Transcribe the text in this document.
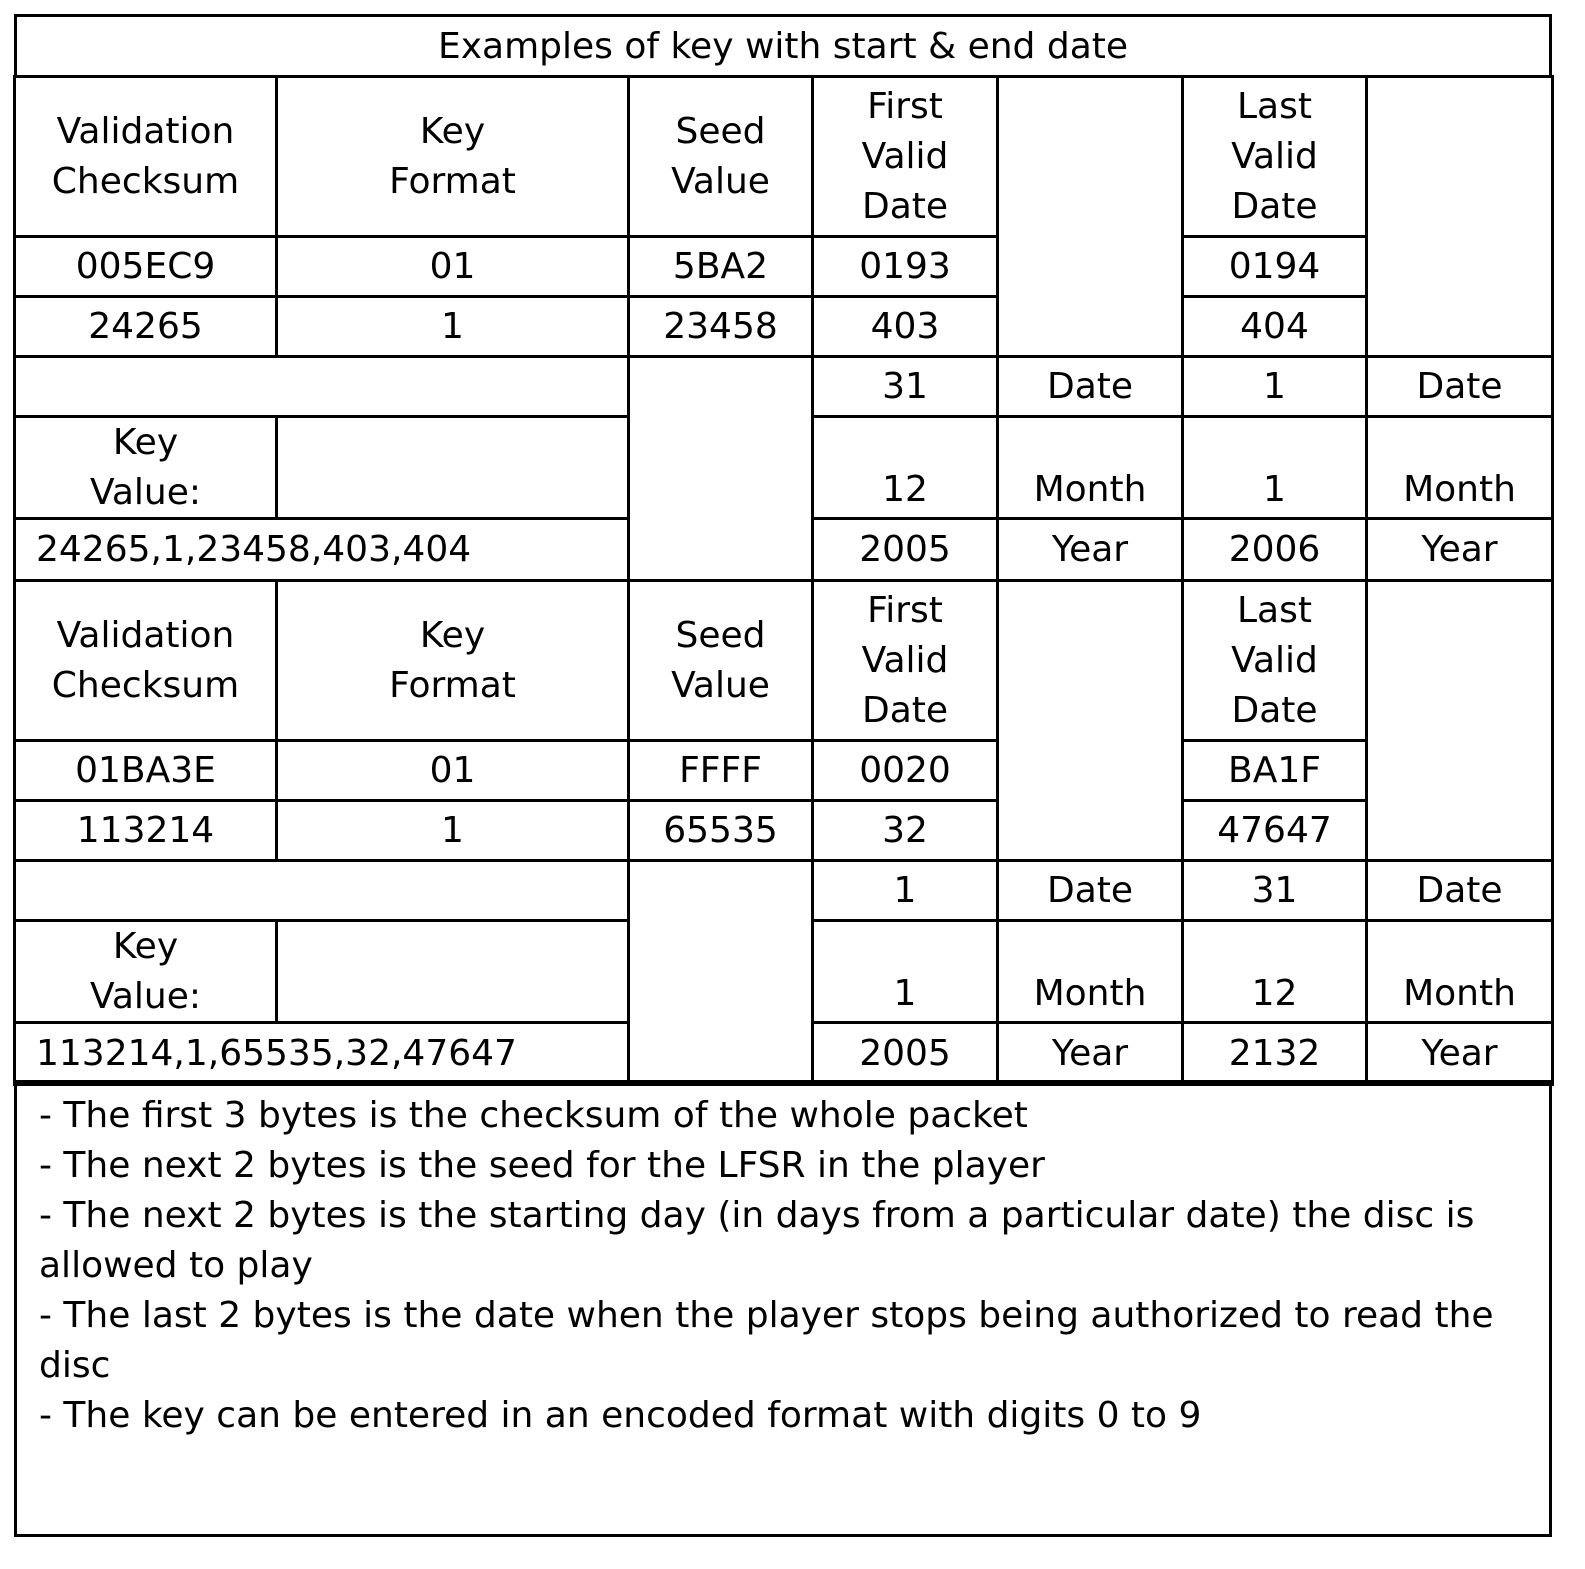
Examples of key with start & end date
Validation
Checksum
Key
Format
Seed
Value
First
Valid
Date
Last
Valid
Date
005EC9	01	5BA2	0193	0194
24265	1	23458	403	404
31	Date	1	Date
Key
Value:	12	Month	1	Month
24265,1,23458,403,404	2005	Year	2006	Year
Validation
Checksum
Key
Format
Seed
Value
First
Valid
Date
Last
Valid
Date
01BA3E	01	FFFF	0020	BA1F
113214	1	65535	32	47647
1	Date	31	Date
Key
Value:	1	Month	12	Month
113214,1,65535,32,47647	2005	Year	2132	Year
- The first 3 bytes is the checksum of the whole packet
- The next 2 bytes is the seed for the LFSR in the player
- The next 2 bytes is the starting day (in days from a particular date) the disc is allowed to play
- The last 2 bytes is the date when the player stops being authorized to read the disc
- The key can be entered in an encoded format with digits 0 to 9
